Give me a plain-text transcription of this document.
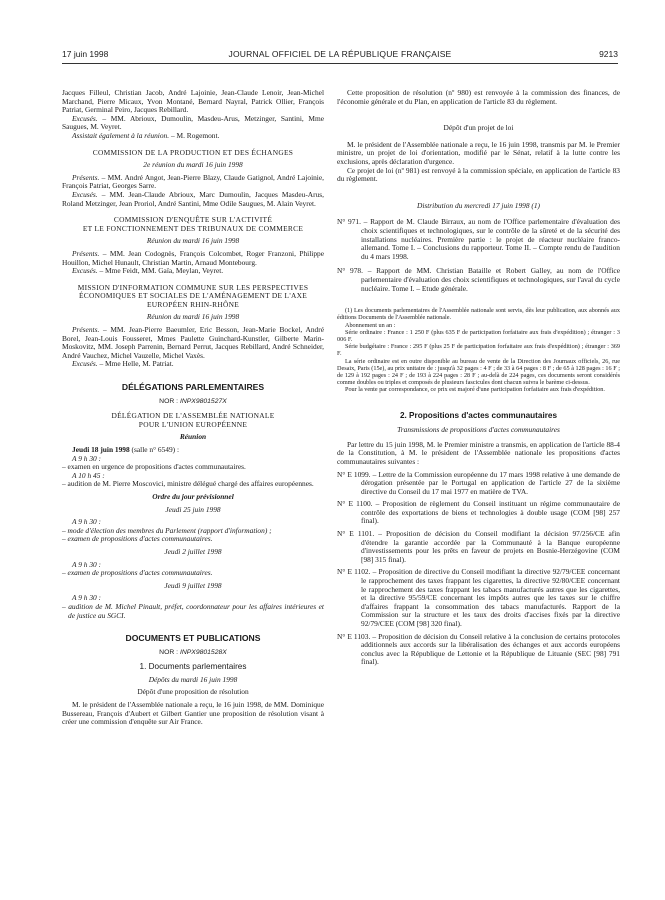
17 juin 1998	JOURNAL OFFICIEL DE LA RÉPUBLIQUE FRANÇAISE	9213

Jacques Filleul, Christian Jacob, André Lajoinie, Jean-Claude Lenoir, Jean-Michel Marchand, Pierre Micaux, Yvon Montané, Bernard Nayral, Patrick Ollier, François Patriat, Germinal Peiro, Jacques Rebillard.

Excusés. – MM. Abrioux, Dumoulin, Masdeu-Arus, Metzinger, Santini, Mme Saugues, M. Veyret.

Assistait également à la réunion. – M. Rogemont.

COMMISSION DE LA PRODUCTION ET DES ÉCHANGES

2e réunion du mardi 16 juin 1998

Présents. – MM. André Angot, Jean-Pierre Blazy, Claude Gatignol, André Lajoinie, François Patriat, Georges Sarre.

Excusés. – MM. Jean-Claude Abrioux, Marc Dumoulin, Jacques Masdeu-Arus, Roland Metzinger, Jean Proriol, André Santini, Mme Odile Saugues, M. Alain Veyret.

COMMISSION D'ENQUÊTE SUR L'ACTIVITÉ

ET LE FONCTIONNEMENT DES TRIBUNAUX DE COMMERCE

Réunion du mardi 16 juin 1998

Présents. – MM. Jean Codognès, François Colcombet, Roger Franzoni, Philippe Houillon, Michel Hunault, Christian Martin, Arnaud Montebourg.

Excusés. – Mme Feidt, MM. Gaïa, Meylan, Veyret.

MISSION D'INFORMATION COMMUNE SUR LES PERSPECTIVES ÉCONOMIQUES ET SOCIALES DE L'AMÉNAGEMENT DE L'AXE EUROPÉEN RHIN-RHÔNE

Réunion du mardi 16 juin 1998

Présents. – MM. Jean-Pierre Baeumler, Eric Besson, Jean-Marie Bockel, André Borel, Jean-Louis Fousseret, Mmes Paulette Guinchard-Kunstler, Gilberte Marin-Moskovitz, MM. Joseph Parrenin, Bernard Perrut, Jacques Rebillard, André Schneider, André Vauchez, Michel Vauzelle, Michel Vaxès.

Excusés. – Mme Helle, M. Patriat.

DÉLÉGATIONS PARLEMENTAIRES

NOR : INPX9801527X

DÉLÉGATION DE L'ASSEMBLÉE NATIONALE

POUR L'UNION EUROPÉENNE

Réunion

Jeudi 18 juin 1998 (salle n° 6549) :

A 9 h 30 :

– examen en urgence de propositions d'actes communautaires.

A 10 h 45 :

– audition de M. Pierre Moscovici, ministre délégué chargé des affaires européennes.

Ordre du jour prévisionnel

Jeudi 25 juin 1998

A 9 h 30 :

– mode d'élection des membres du Parlement (rapport d'information) ;

– examen de propositions d'actes communautaires.

Jeudi 2 juillet 1998

A 9 h 30 :

– examen de propositions d'actes communautaires.

Jeudi 9 juillet 1998

A 9 h 30 :

– audition de M. Michel Pinault, préfet, coordonnateur pour les affaires intérieures et de justice au SGCI.

DOCUMENTS ET PUBLICATIONS

NOR : INPX9801528X

1. Documents parlementaires

Dépôts du mardi 16 juin 1998

Dépôt d'une proposition de résolution

M. le président de l'Assemblée nationale a reçu, le 16 juin 1998, de MM. Dominique Bussereau, François d'Aubert et Gilbert Gantier une proposition de résolution visant à créer une commission d'enquête sur Air France.

Cette proposition de résolution (nº 980) est renvoyée à la commission des finances, de l'économie générale et du Plan, en application de l'article 83 du règlement.

Dépôt d'un projet de loi

M. le président de l'Assemblée nationale a reçu, le 16 juin 1998, transmis par M. le Premier ministre, un projet de loi d'orientation, modifié par le Sénat, relatif à la lutte contre les exclusions, après déclaration d'urgence.

Ce projet de loi (nº 981) est renvoyé à la commission spéciale, en application de l'article 83 du règlement.

Distribution du mercredi 17 juin 1998 (1)

N° 971. – Rapport de M. Claude Birraux, au nom de l'Office parlementaire d'évaluation des choix scientifiques et technologiques, sur le contrôle de la sûreté et de la sécurité des installations nucléaires. Première partie : le projet de réacteur nucléaire franco-allemand. Tome I. – Conclusions du rapporteur. Tome II. – Compte rendu de l'audition du 4 mars 1998.

N° 978. – Rapport de MM. Christian Bataille et Robert Galley, au nom de l'Office parlementaire d'évaluation des choix scientifiques et technologiques, sur l'aval du cycle nucléaire. Tome I. – Etude générale.

(1) Les documents parlementaires de l'Assemblée nationale sont servis, dès leur publication, aux abonnés aux éditions Documents de l'Assemblée nationale.

Abonnement un an :

Série ordinaire : France : 1 250 F (plus 635 F de participation forfaitaire aux frais d'expédition) ; étranger : 3 006 F.

Série budgétaire : France : 295 F (plus 25 F de participation forfaitaire aux frais d'expédition) ; étranger : 369 F.

La série ordinaire est en outre disponible au bureau de vente de la Direction des Journaux officiels, 26, rue Desaix, Paris (15e), au prix unitaire de : jusqu'à 32 pages : 4 F ; de 33 à 64 pages : 8 F ; de 65 à 128 pages : 16 F ; de 129 à 192 pages : 24 F ; de 193 à 224 pages : 28 F ; au-delà de 224 pages, ces documents seront considérés comme doubles ou triples et composés de plusieurs fascicules dont chacun suivra le barème ci-dessus.

Pour la vente par correspondance, ce prix est majoré d'une participation forfaitaire aux frais d'expédition.

2. Propositions d'actes communautaires

Transmissions de propositions d'actes communautaires

Par lettre du 15 juin 1998, M. le Premier ministre a transmis, en application de l'article 88-4 de la Constitution, à M. le président de l'Assemblée nationale les propositions d'actes communautaires suivantes :

N° E 1099. – Lettre de la Commission européenne du 17 mars 1998 relative à une demande de dérogation présentée par le Portugal en application de l'article 27 de la sixième directive du Conseil du 17 mai 1977 en matière de TVA.

N° E 1100. – Proposition de règlement du Conseil instituant un régime communautaire de contrôle des exportations de biens et technologies à double usage (COM [98] 257 final).

N° E 1101. – Proposition de décision du Conseil modifiant la décision 97/256/CE afin d'étendre la garantie accordée par la Communauté à la Banque européenne d'investissements pour les prêts en faveur de projets en Bosnie-Herzégovine (COM [98] 315 final).

N° E 1102. – Proposition de directive du Conseil modifiant la directive 92/79/CEE concernant le rapprochement des taxes frappant les cigarettes, la directive 92/80/CEE concernant le rapprochement des taxes frappant les tabacs manufacturés autres que les cigarettes, et la directive 95/59/CE concernant les impôts autres que les taxes sur le chiffre d'affaires frappant la consommation des tabacs manufacturés. Rapport de la Commission sur la structure et les taux des droits d'accises fixés par la directive 92/79/CEE (COM [98] 320 final).

N° E 1103. – Proposition de décision du Conseil relative à la conclusion de certains protocoles additionnels aux accords sur la libéralisation des échanges et aux accords européens conclus avec la République de Lettonie et la République de Lituanie (SEC [98] 791 final).
